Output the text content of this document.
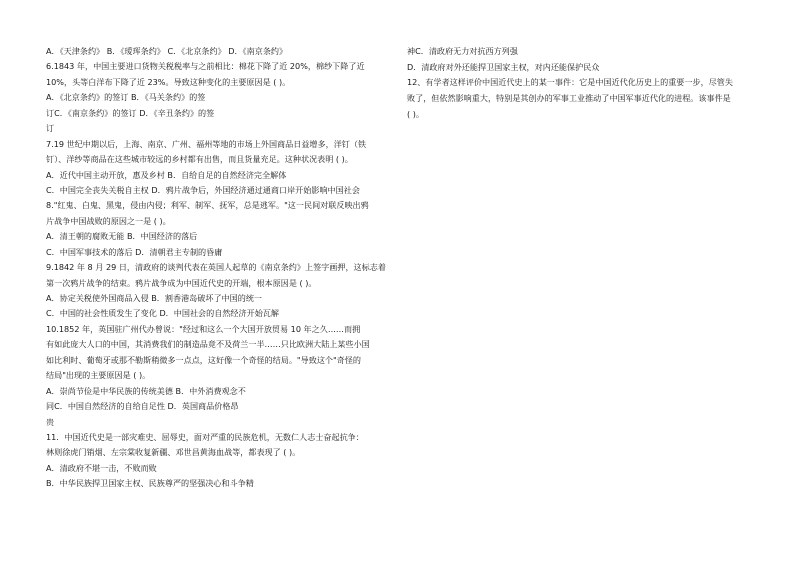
A．《天津条约》 B．《瑷珲条约》 C．《北京条约》 D．《南京条约》
6.1843 年，中国主要进口货物关税税率与之前相比：棉花下降了近 20%，棉纱下降了近
10%，头等白洋布下降了近 23%。导致这种变化的主要原因是 ( )。
A．《北京条约》的签订 B．《马关条约》的签
订C．《南京条约》的签订 D．《辛丑条约》的签
订
7.19 世纪中期以后，上海、南京、广州、福州等地的市场上外国商品日益增多，洋钉（铁
钉）、洋纱等商品在这些城市较远的乡村都有出售，而且货量充足。这种状况表明 ( )。
A．近代中国主动开放，惠及乡村 B．自给自足的自然经济完全解体
C．中国完全丧失关税自主权 D．鸦片战争后，外国经济通过通商口岸开始影响中国社会
8."红鬼、白鬼、黑鬼，侵由内侵；利军、制军、抚军，总是逃军。"这一民间对联反映出鸦
片战争中国战败的原因之一是 ( )。
A．清王朝的腐败无能 B．中国经济的落后
C．中国军事技术的落后 D．清朝君主专制的昏庸
9.1842 年 8 月 29 日，清政府的谈判代表在英国人起草的《南京条约》上签字画押，这标志着
第一次鸦片战争的结束。鸦片战争成为中国近代史的开端，根本原因是 ( )。
A．协定关税使外国商品入侵 B．割香港岛破坏了中国的统一
C．中国的社会性质发生了变化 D．中国社会的自然经济开始瓦解
10.1852 年，英国驻广州代办曾说："经过和这么一个大国开放贸易 10 年之久……而拥
有如此庞大人口的中国，其消费我们的制造品竟不及荷兰一半……只比欧洲大陆上某些小国
如比利时、葡萄牙或那不勒斯稍微多一点点，这好像一个奇怪的结局。"导致这个"奇怪的
结局"出现的主要原因是 ( )。
A．崇尚节俭是中华民族的传统美德 B．中外消费观念不
同C．中国自然经济的自给自足性 D．英国商品价格昂
贵
11．中国近代史是一部灾难史、屈辱史，面对严重的民族危机，无数仁人志士奋起抗争：
林则徐虎门销烟、左宗棠收复新疆、邓世昌黄海血战等，都表现了 ( )。
A．清政府不堪一击，不败而败
B．中华民族捍卫国家主权、民族尊严的坚强决心和斗争精
神C．清政府无力对抗西方列强
D．清政府对外还能捍卫国家主权，对内还能保护民众
12、有学者这样评价中国近代史上的某一事件：它是中国近代化历史上的重要一步，尽管失
败了，但依然影响重大，特别是其创办的军事工业推动了中国军事近代化的进程。该事件是
( )。
